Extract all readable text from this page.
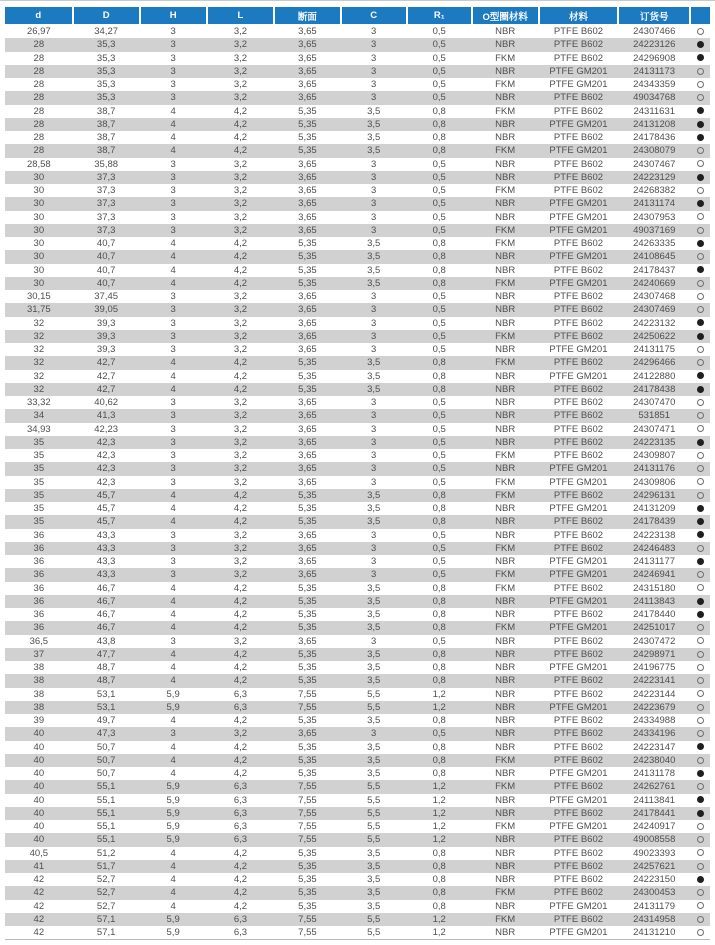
d	D	H	L	断面	C	R₁	O型圈材料	材料	订货号	
26,97	34,27	3	3,2	3,65	3	0,5	NBR	PTFE B602	24307466	
28	35,3	3	3,2	3,65	3	0,5	NBR	PTFE B602	24223126	
28	35,3	3	3,2	3,65	3	0,5	FKM	PTFE B602	24296908	
28	35,3	3	3,2	3,65	3	0,5	NBR	PTFE GM201	24131173	
28	35,3	3	3,2	3,65	3	0,5	FKM	PTFE GM201	24343359	
28	35,3	3	3,2	3,65	3	0,5	NBR	PTFE B602	49034768	
28	38,7	4	4,2	5,35	3,5	0,8	FKM	PTFE B602	24311631	
28	38,7	4	4,2	5,35	3,5	0,8	NBR	PTFE GM201	24131208	
28	38,7	4	4,2	5,35	3,5	0,8	NBR	PTFE B602	24178436	
28	38,7	4	4,2	5,35	3,5	0,8	FKM	PTFE GM201	24308079	
28,58	35,88	3	3,2	3,65	3	0,5	NBR	PTFE B602	24307467	
30	37,3	3	3,2	3,65	3	0,5	NBR	PTFE B602	24223129	
30	37,3	3	3,2	3,65	3	0,5	FKM	PTFE B602	24268382	
30	37,3	3	3,2	3,65	3	0,5	NBR	PTFE GM201	24131174	
30	37,3	3	3,2	3,65	3	0,5	NBR	PTFE GM201	24307953	
30	37,3	3	3,2	3,65	3	0,5	FKM	PTFE GM201	49037169	
30	40,7	4	4,2	5,35	3,5	0,8	FKM	PTFE B602	24263335	
30	40,7	4	4,2	5,35	3,5	0,8	NBR	PTFE GM201	24108645	
30	40,7	4	4,2	5,35	3,5	0,8	NBR	PTFE B602	24178437	
30	40,7	4	4,2	5,35	3,5	0,8	FKM	PTFE GM201	24240669	
30,15	37,45	3	3,2	3,65	3	0,5	NBR	PTFE B602	24307468	
31,75	39,05	3	3,2	3,65	3	0,5	NBR	PTFE B602	24307469	
32	39,3	3	3,2	3,65	3	0,5	NBR	PTFE B602	24223132	
32	39,3	3	3,2	3,65	3	0,5	FKM	PTFE B602	24250622	
32	39,3	3	3,2	3,65	3	0,5	NBR	PTFE GM201	24131175	
32	42,7	4	4,2	5,35	3,5	0,8	FKM	PTFE B602	24296466	
32	42,7	4	4,2	5,35	3,5	0,8	NBR	PTFE GM201	24122880	
32	42,7	4	4,2	5,35	3,5	0,8	NBR	PTFE B602	24178438	
33,32	40,62	3	3,2	3,65	3	0,5	NBR	PTFE B602	24307470	
34	41,3	3	3,2	3,65	3	0,5	NBR	PTFE B602	531851	
34,93	42,23	3	3,2	3,65	3	0,5	NBR	PTFE B602	24307471	
35	42,3	3	3,2	3,65	3	0,5	NBR	PTFE B602	24223135	
35	42,3	3	3,2	3,65	3	0,5	FKM	PTFE B602	24309807	
35	42,3	3	3,2	3,65	3	0,5	NBR	PTFE GM201	24131176	
35	42,3	3	3,2	3,65	3	0,5	FKM	PTFE GM201	24309806	
35	45,7	4	4,2	5,35	3,5	0,8	FKM	PTFE B602	24296131	
35	45,7	4	4,2	5,35	3,5	0,8	NBR	PTFE GM201	24131209	
35	45,7	4	4,2	5,35	3,5	0,8	NBR	PTFE B602	24178439	
36	43,3	3	3,2	3,65	3	0,5	NBR	PTFE B602	24223138	
36	43,3	3	3,2	3,65	3	0,5	FKM	PTFE B602	24246483	
36	43,3	3	3,2	3,65	3	0,5	NBR	PTFE GM201	24131177	
36	43,3	3	3,2	3,65	3	0,5	FKM	PTFE GM201	24246941	
36	46,7	4	4,2	5,35	3,5	0,8	FKM	PTFE B602	24315180	
36	46,7	4	4,2	5,35	3,5	0,8	NBR	PTFE GM201	24113843	
36	46,7	4	4,2	5,35	3,5	0,8	NBR	PTFE B602	24178440	
36	46,7	4	4,2	5,35	3,5	0,8	FKM	PTFE GM201	24251017	
36,5	43,8	3	3,2	3,65	3	0,5	NBR	PTFE B602	24307472	
37	47,7	4	4,2	5,35	3,5	0,8	NBR	PTFE B602	24298971	
38	48,7	4	4,2	5,35	3,5	0,8	NBR	PTFE GM201	24196775	
38	48,7	4	4,2	5,35	3,5	0,8	NBR	PTFE B602	24223141	
38	53,1	5,9	6,3	7,55	5,5	1,2	NBR	PTFE B602	24223144	
38	53,1	5,9	6,3	7,55	5,5	1,2	NBR	PTFE GM201	24223679	
39	49,7	4	4,2	5,35	3,5	0,8	NBR	PTFE B602	24334988	
40	47,3	3	3,2	3,65	3	0,5	NBR	PTFE B602	24334196	
40	50,7	4	4,2	5,35	3,5	0,8	NBR	PTFE B602	24223147	
40	50,7	4	4,2	5,35	3,5	0,8	FKM	PTFE B602	24238040	
40	50,7	4	4,2	5,35	3,5	0,8	NBR	PTFE GM201	24131178	
40	55,1	5,9	6,3	7,55	5,5	1,2	FKM	PTFE B602	24262761	
40	55,1	5,9	6,3	7,55	5,5	1,2	NBR	PTFE GM201	24113841	
40	55,1	5,9	6,3	7,55	5,5	1,2	NBR	PTFE B602	24178441	
40	55,1	5,9	6,3	7,55	5,5	1,2	FKM	PTFE GM201	24240917	
40	55,1	5,9	6,3	7,55	5,5	1,2	NBR	PTFE B602	49008558	
40,5	51,2	4	4,2	5,35	3,5	0,8	NBR	PTFE B602	49023393	
41	51,7	4	4,2	5,35	3,5	0,8	NBR	PTFE B602	24257621	
42	52,7	4	4,2	5,35	3,5	0,8	NBR	PTFE B602	24223150	
42	52,7	4	4,2	5,35	3,5	0,8	FKM	PTFE B602	24300453	
42	52,7	4	4,2	5,35	3,5	0,8	NBR	PTFE GM201	24131179	
42	57,1	5,9	6,3	7,55	5,5	1,2	FKM	PTFE B602	24314958	
42	57,1	5,9	6,3	7,55	5,5	1,2	NBR	PTFE GM201	24131210	
